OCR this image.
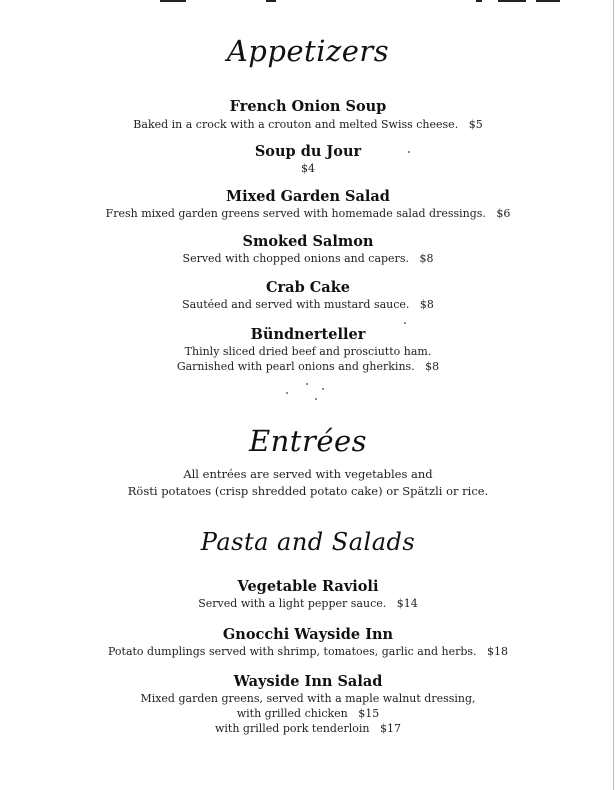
Appetizers
French Onion Soup
Baked in a crock with a crouton and melted Swiss cheese. $5
Soup du Jour
$4
Mixed Garden Salad
Fresh mixed garden greens served with homemade salad dressings. $6
Smoked Salmon
Served with chopped onions and capers. $8
Crab Cake
Sautéed and served with mustard sauce. $8
Bündnerteller
Thinly sliced dried beef and prosciutto ham.
Garnished with pearl onions and gherkins. $8
Entrées
All entrées are served with vegetables and
Rösti potatoes (crisp shredded potato cake) or Spätzli or rice.
Pasta and Salads
Vegetable Ravioli
Served with a light pepper sauce. $14
Gnocchi Wayside Inn
Potato dumplings served with shrimp, tomatoes, garlic and herbs. $18
Wayside Inn Salad
Mixed garden greens, served with a maple walnut dressing,
with grilled chicken $15
with grilled pork tenderloin $17
